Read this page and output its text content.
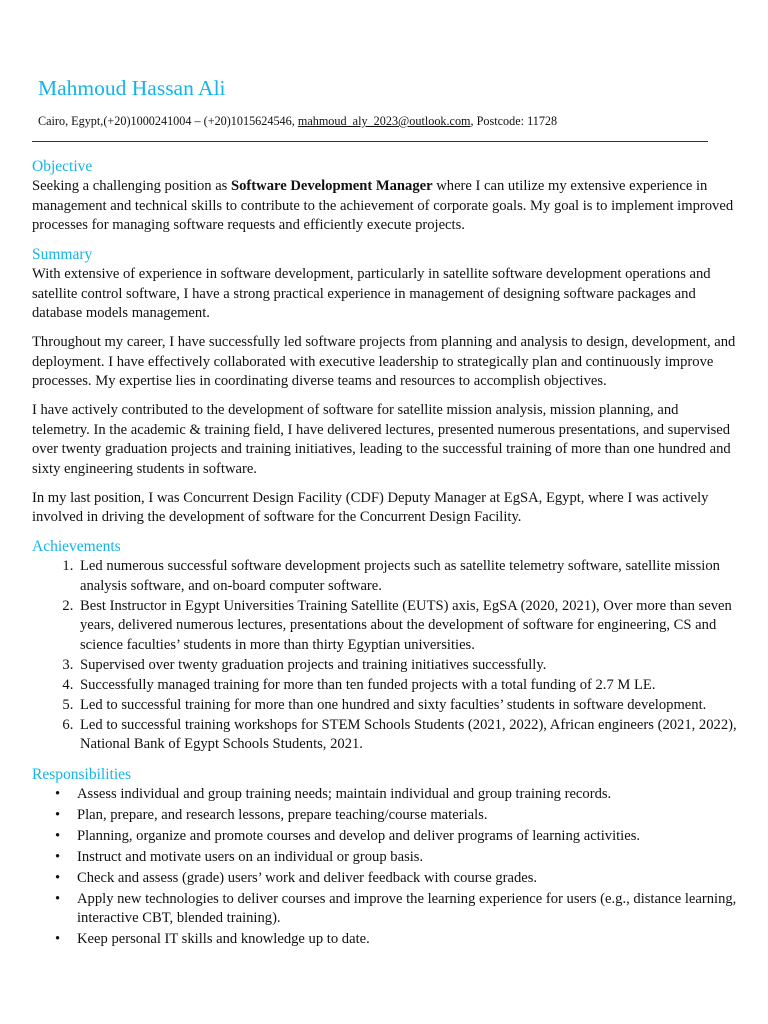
Mahmoud Hassan Ali
Cairo, Egypt,(+20)1000241004 – (+20)1015624546, mahmoud_aly_2023@outlook.com, Postcode: 11728
Objective

Seeking a challenging position as Software Development Manager where I can utilize my extensive experience in management and technical skills to contribute to the achievement of corporate goals. My goal is to implement improved processes for managing software requests and efficiently execute projects.

Summary

With extensive of experience in software development, particularly in satellite software development operations and satellite control software, I have a strong practical experience in management of designing software packages and database models management.

Throughout my career, I have successfully led software projects from planning and analysis to design, development, and deployment. I have effectively collaborated with executive leadership to strategically plan and continuously improve processes. My expertise lies in coordinating diverse teams and resources to accomplish objectives.

I have actively contributed to the development of software for satellite mission analysis, mission planning, and telemetry. In the academic & training field, I have delivered lectures, presented numerous presentations, and supervised over twenty graduation projects and training initiatives, leading to the successful training of more than one hundred and sixty engineering students in software.

In my last position, I was Concurrent Design Facility (CDF) Deputy Manager at EgSA, Egypt, where I was actively involved in driving the development of software for the Concurrent Design Facility.

Achievements
1. Led numerous successful software development projects such as satellite telemetry software, satellite mission analysis software, and on-board computer software.
2. Best Instructor in Egypt Universities Training Satellite (EUTS) axis, EgSA (2020, 2021), Over more than seven years, delivered numerous lectures, presentations about the development of software for engineering, CS and science faculties’ students in more than thirty Egyptian universities.
3. Supervised over twenty graduation projects and training initiatives successfully.
4. Successfully managed training for more than ten funded projects with a total funding of 2.7 M LE.
5. Led to successful training for more than one hundred and sixty faculties’ students in software development.
6. Led to successful training workshops for STEM Schools Students (2021, 2022), African engineers (2021, 2022), National Bank of Egypt Schools Students, 2021.
Responsibilities
• Assess individual and group training needs; maintain individual and group training records.
• Plan, prepare, and research lessons, prepare teaching/course materials.
• Planning, organize and promote courses and develop and deliver programs of learning activities.
• Instruct and motivate users on an individual or group basis.
• Check and assess (grade) users’ work and deliver feedback with course grades.
• Apply new technologies to deliver courses and improve the learning experience for users (e.g., distance learning, interactive CBT, blended training).
• Keep personal IT skills and knowledge up to date.
